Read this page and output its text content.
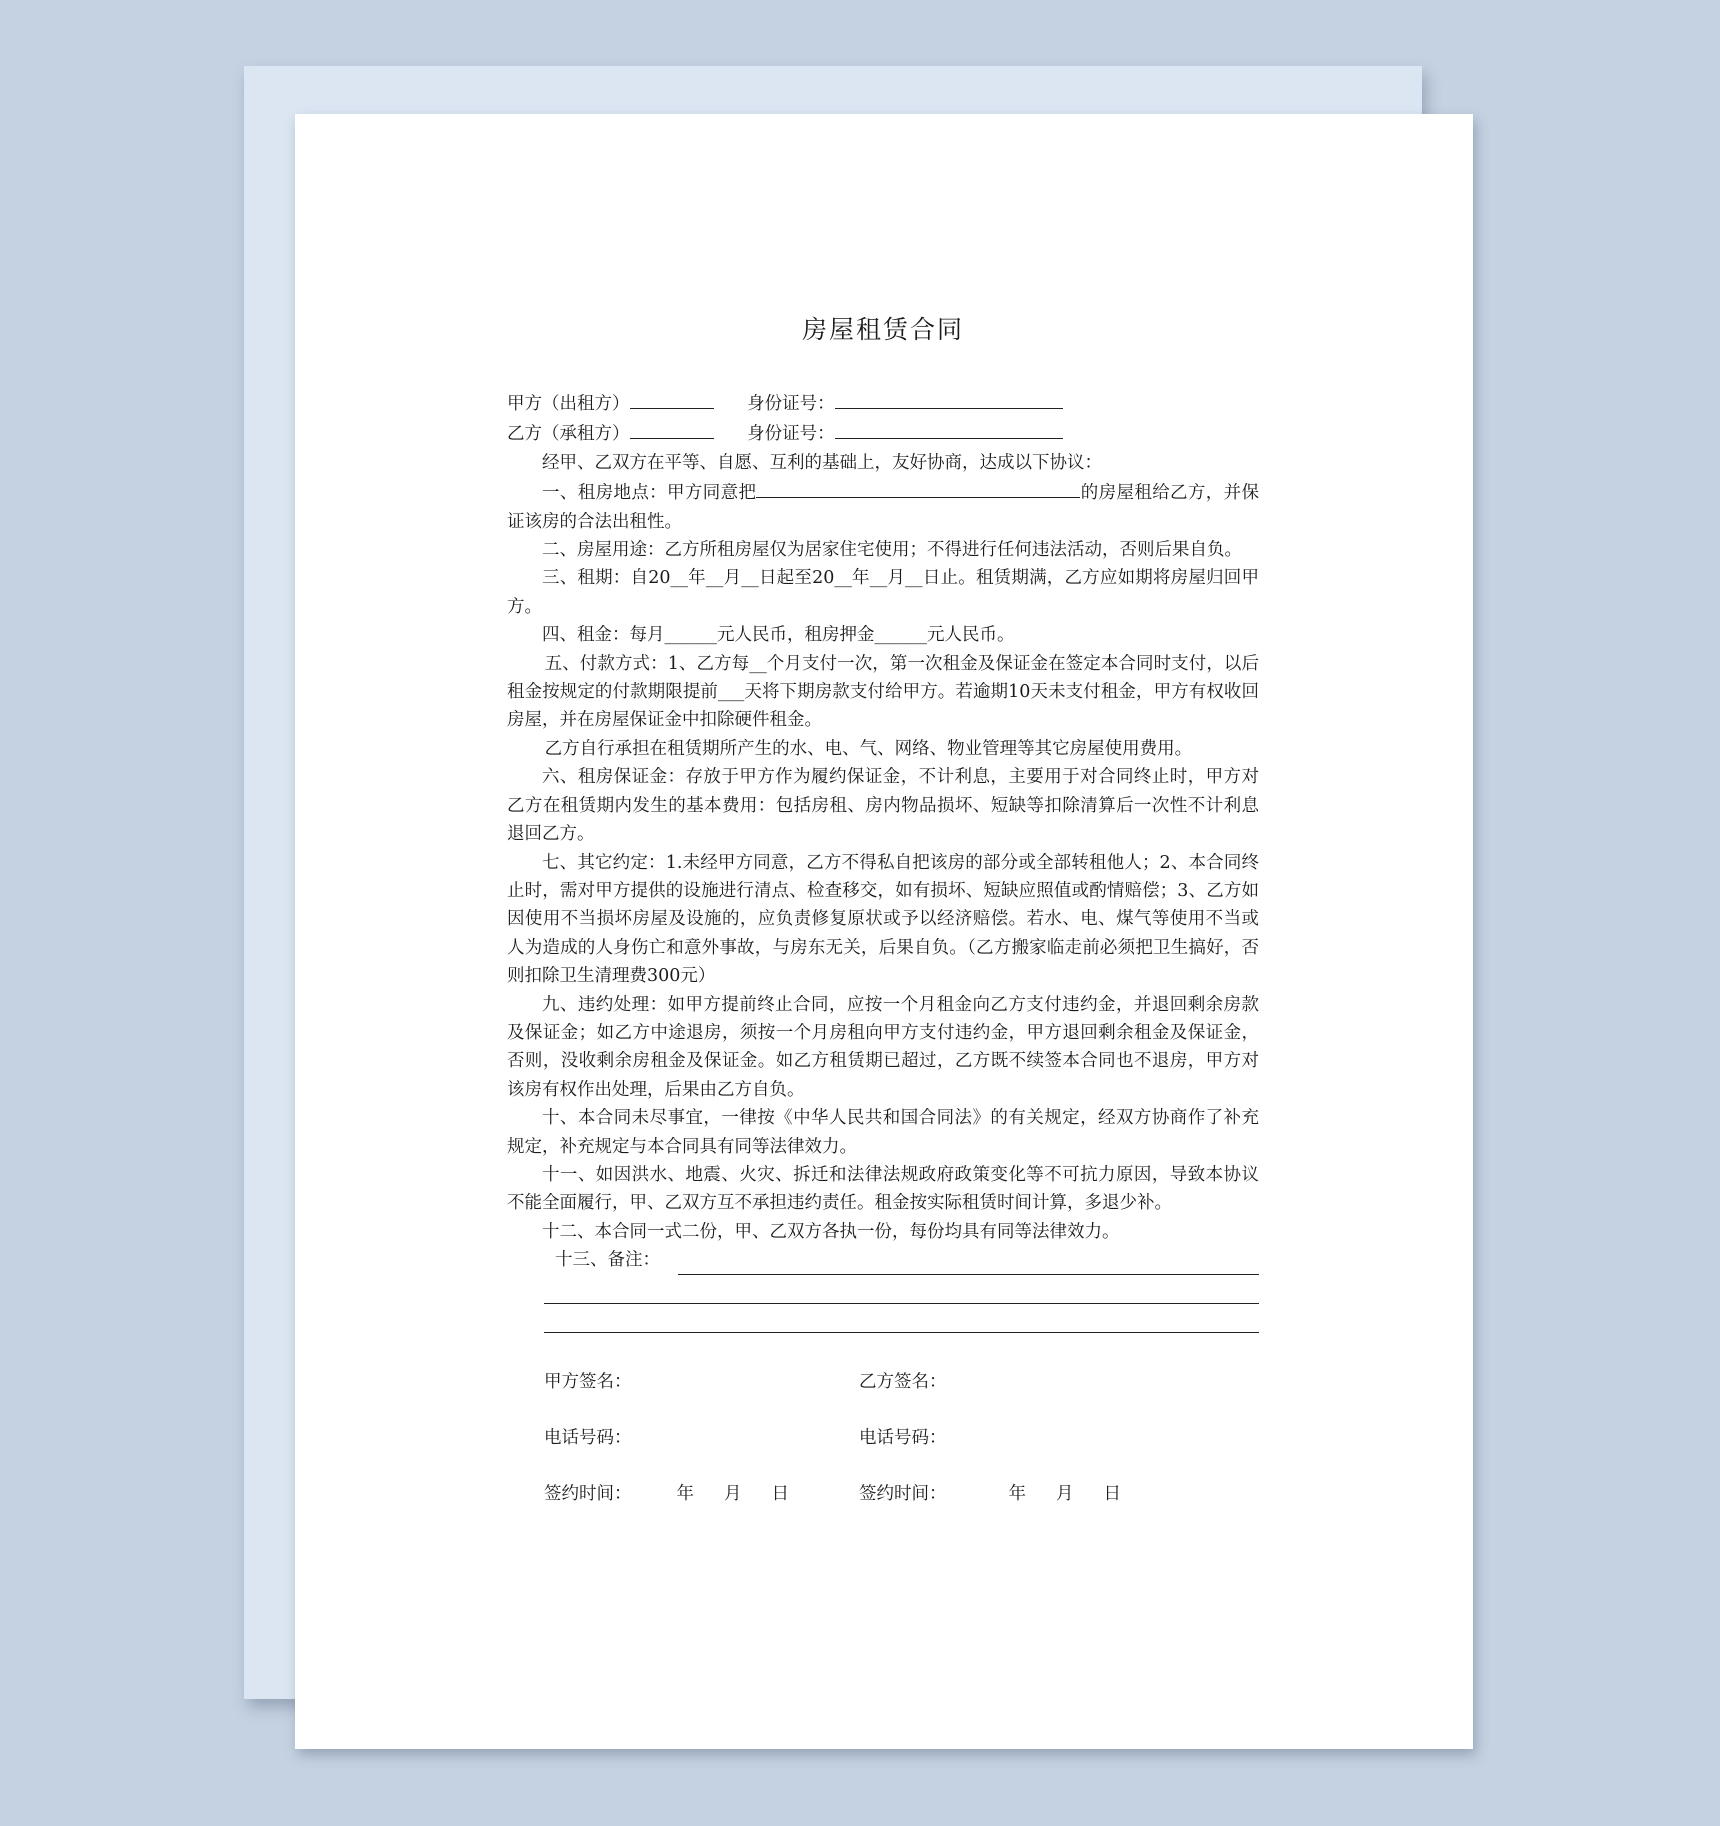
房屋租赁合同
甲方（出租方）	身份证号：
乙方（承租方）	身份证号：

经甲、乙双方在平等、自愿、互利的基础上，友好协商，达成以下协议：

一、租房地点：甲方同意把	的房屋租给乙方，并保证该房的合法出租性。

二、房屋用途：乙方所租房屋仅为居家住宅使用；不得进行任何违法活动，否则后果自负。

三、租期：自20__年__月__日起至20__年__月__日止。租赁期满，乙方应如期将房屋归回甲方。

四、租金：每月______元人民币，租房押金______元人民币。

五、付款方式：1、乙方每__个月支付一次，第一次租金及保证金在签定本合同时支付，以后租金按规定的付款期限提前___天将下期房款支付给甲方。若逾期10天未支付租金，甲方有权收回房屋，并在房屋保证金中扣除硬件租金。

乙方自行承担在租赁期所产生的水、电、气、网络、物业管理等其它房屋使用费用。

六、租房保证金：存放于甲方作为履约保证金，不计利息，主要用于对合同终止时，甲方对乙方在租赁期内发生的基本费用：包括房租、房内物品损坏、短缺等扣除清算后一次性不计利息退回乙方。

七、其它约定：1.未经甲方同意，乙方不得私自把该房的部分或全部转租他人；2、本合同终止时，需对甲方提供的设施进行清点、检查移交，如有损坏、短缺应照值或酌情赔偿；3、乙方如因使用不当损坏房屋及设施的，应负责修复原状或予以经济赔偿。若水、电、煤气等使用不当或人为造成的人身伤亡和意外事故，与房东无关，后果自负。（乙方搬家临走前必须把卫生搞好，否则扣除卫生清理费300元）

九、违约处理：如甲方提前终止合同，应按一个月租金向乙方支付违约金，并退回剩余房款及保证金；如乙方中途退房，须按一个月房租向甲方支付违约金，甲方退回剩余租金及保证金，否则，没收剩余房租金及保证金。如乙方租赁期已超过，乙方既不续签本合同也不退房，甲方对该房有权作出处理，后果由乙方自负。

十、本合同未尽事宜，一律按《中华人民共和国合同法》的有关规定，经双方协商作了补充规定，补充规定与本合同具有同等法律效力。

十一、如因洪水、地震、火灾、拆迁和法律法规政府政策变化等不可抗力原因，导致本协议不能全面履行，甲、乙双方互不承担违约责任。租金按实际租赁时间计算，多退少补。

十二、本合同一式二份，甲、乙双方各执一份，每份均具有同等法律效力。

十三、备注：
甲方签名：	乙方签名：
电话号码：	电话号码：
签约时间：	年 月 日	签约时间：	年 月 日
